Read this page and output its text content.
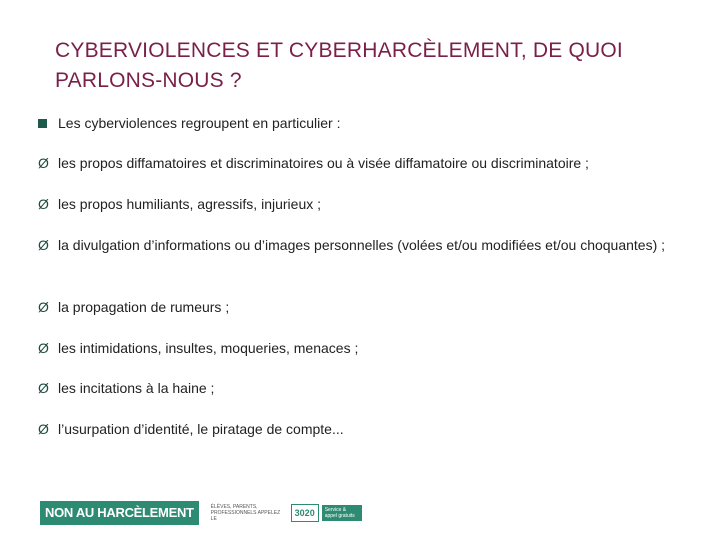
CYBERVIOLENCES ET CYBERHARCÈLEMENT, DE QUOI
PARLONS-NOUS ?
Les cyberviolences regroupent en particulier :
Ø les propos diffamatoires et discriminatoires ou à visée diffamatoire ou discriminatoire ;
Ø les propos humiliants, agressifs, injurieux ;
Ø la divulgation d’informations ou d’images personnelles (volées et/ou modifiées et/ou choquantes) ;
Ø la propagation de rumeurs ;
Ø les intimidations, insultes, moqueries, menaces ;
Ø les incitations à la haine ;
Ø l’usurpation d’identité, le piratage de compte...
NON AU HARCÈLEMENT	ÉLÈVES, PARENTS, PROFESSIONNELS APPELEZ LE
3020	Service & appel gratuits
